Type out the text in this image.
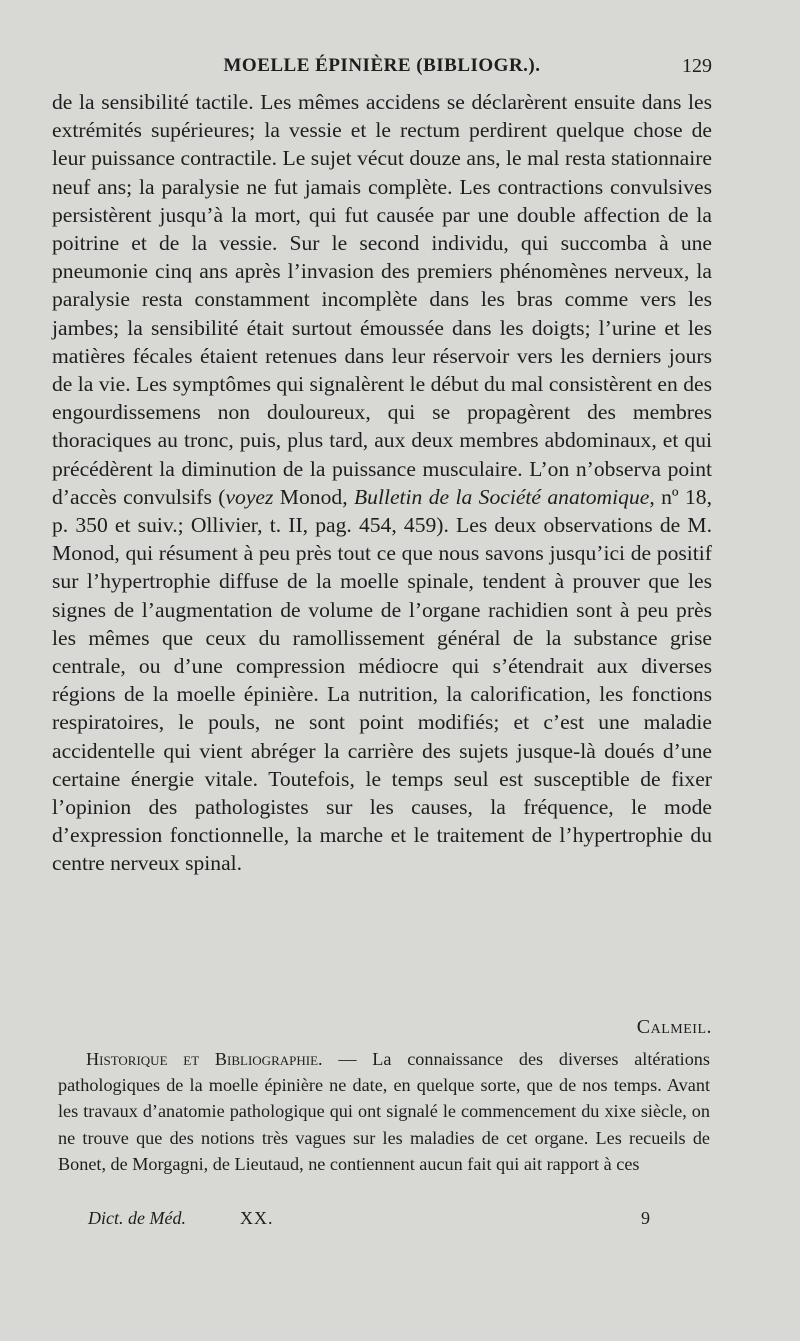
MOELLE ÉPINIÈRE (BIBLIOGR.).	129

de la sensibilité tactile. Les mêmes accidens se déclarèrent ensuite dans les extrémités supérieures; la vessie et le rectum perdirent quelque chose de leur puissance contractile. Le sujet vécut douze ans, le mal resta stationnaire neuf ans; la paralysie ne fut jamais complète. Les contractions convulsives persistèrent jusqu’à la mort, qui fut causée par une double affection de la poitrine et de la vessie. Sur le second individu, qui succomba à une pneumonie cinq ans après l’invasion des premiers phénomènes nerveux, la paralysie resta constamment incomplète dans les bras comme vers les jambes; la sensibilité était surtout émoussée dans les doigts; l’urine et les matières fécales étaient retenues dans leur réservoir vers les derniers jours de la vie. Les symptômes qui signalèrent le début du mal consistèrent en des engourdissemens non douloureux, qui se propagèrent des membres thoraciques au tronc, puis, plus tard, aux deux membres abdominaux, et qui précédèrent la diminution de la puissance musculaire. L’on n’observa point d’accès convulsifs (voyez Monod, Bulletin de la Société anatomique, nº 18, p. 350 et suiv.; Ollivier, t. II, pag. 454, 459). Les deux observations de M. Monod, qui résument à peu près tout ce que nous savons jusqu’ici de positif sur l’hypertrophie diffuse de la moelle spinale, tendent à prouver que les signes de l’augmentation de volume de l’organe rachidien sont à peu près les mêmes que ceux du ramollissement général de la substance grise centrale, ou d’une compression médiocre qui s’étendrait aux diverses régions de la moelle épinière. La nutrition, la calorification, les fonctions respiratoires, le pouls, ne sont point modifiés; et c’est une maladie accidentelle qui vient abréger la carrière des sujets jusque-là doués d’une certaine énergie vitale. Toutefois, le temps seul est susceptible de fixer l’opinion des pathologistes sur les causes, la fréquence, le mode d’expression fonctionnelle, la marche et le traitement de l’hypertrophie du centre nerveux spinal.

Calmeil.

Historique et Bibliographie. — La connaissance des diverses altérations pathologiques de la moelle épinière ne date, en quelque sorte, que de nos temps. Avant les travaux d’anatomie pathologique qui ont signalé le commencement du xixe siècle, on ne trouve que des notions très vagues sur les maladies de cet organe. Les recueils de Bonet, de Morgagni, de Lieutaud, ne contiennent aucun fait qui ait rapport à ces

Dict. de Méd.	XX.	9
